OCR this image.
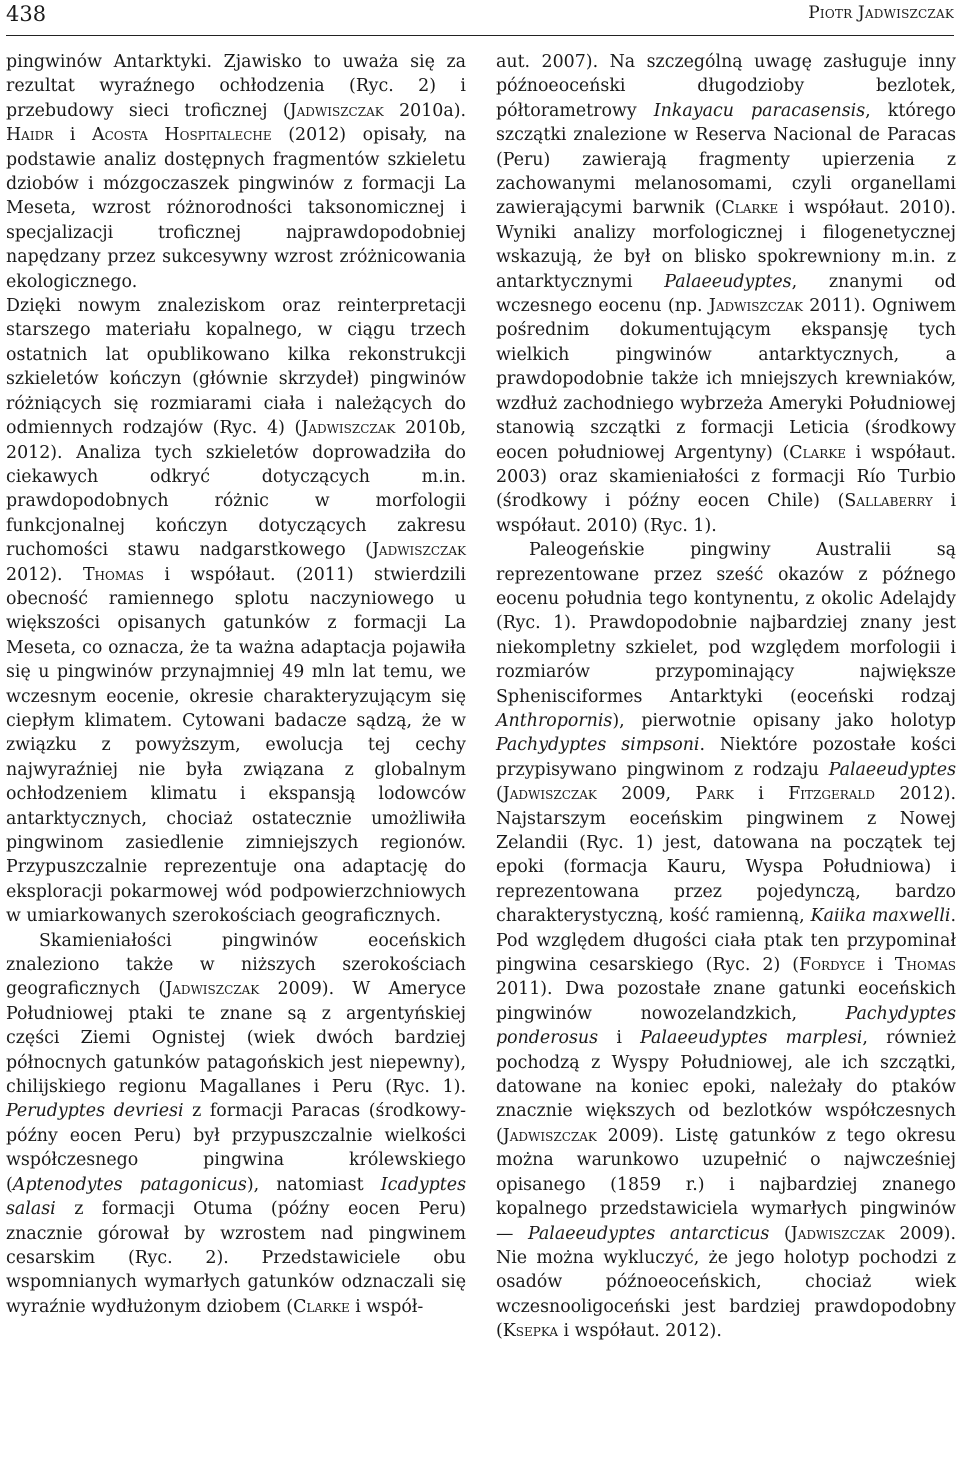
438	Piotr Jadwiszczak

pingwinów Antarktyki. Zjawisko to uważa się za rezultat wyraźnego ochłodzenia (Ryc. 2) i przebudowy sieci troficznej (Jadwiszczak 2010a). Haidr i Acosta Hospitaleche (2012) opisały, na podstawie analiz dostępnych fragmentów szkieletu dziobów i mózgoczaszek pingwinów z formacji La Meseta, wzrost różnorodności taksonomicznej i specjalizacji troficznej najprawdopodobniej napędzany przez sukcesywny wzrost zróżnicowania ekologicznego.

Dzięki nowym znaleziskom oraz reinterpretacji starszego materiału kopalnego, w ciągu trzech ostatnich lat opublikowano kilka rekonstrukcji szkieletów kończyn (głównie skrzydeł) pingwinów różniących się rozmiarami ciała i należących do odmiennych rodzajów (Ryc. 4) (Jadwiszczak 2010b, 2012). Analiza tych szkieletów doprowadziła do ciekawych odkryć dotyczących m.in. prawdopodobnych różnic w morfologii funkcjonalnej kończyn dotyczących zakresu ruchomości stawu nadgarstkowego (Jadwiszczak 2012). Thomas i współaut. (2011) stwierdzili obecność ramiennego splotu naczyniowego u większości opisanych gatunków z formacji La Meseta, co oznacza, że ta ważna adaptacja pojawiła się u pingwinów przynajmniej 49 mln lat temu, we wczesnym eocenie, okresie charakteryzującym się ciepłym klimatem. Cytowani badacze sądzą, że w związku z powyższym, ewolucja tej cechy najwyraźniej nie była związana z globalnym ochłodzeniem klimatu i ekspansją lodowców antarktycznych, chociaż ostatecznie umożliwiła pingwinom zasiedlenie zimniejszych regionów. Przypuszczalnie reprezentuje ona adaptację do eksploracji pokarmowej wód podpowierzchniowych w umiarkowanych szerokościach geograficznych.

Skamieniałości pingwinów eoceńskich znaleziono także w niższych szerokościach geograficznych (Jadwiszczak 2009). W Ameryce Południowej ptaki te znane są z argentyńskiej części Ziemi Ognistej (wiek dwóch bardziej północnych gatunków patagońskich jest niepewny), chilijskiego regionu Magallanes i Peru (Ryc. 1). Perudyptes devriesi z formacji Paracas (środkowy-późny eocen Peru) był przypuszczalnie wielkości współczesnego pingwina królewskiego (Aptenodytes patagonicus), natomiast Icadyptes salasi z formacji Otuma (późny eocen Peru) znacznie górował by wzrostem nad pingwinem cesarskim (Ryc. 2). Przedstawiciele obu wspomnianych wymarłych gatunków odznaczali się wyraźnie wydłużonym dziobem (Clarke i współ-

aut. 2007). Na szczególną uwagę zasługuje inny późnoeoceński długodzioby bezlotek, półtorametrowy Inkayacu paracasensis, którego szczątki znalezione w Reserva Nacional de Paracas (Peru) zawierają fragmenty upierzenia z zachowanymi melanosomami, czyli organellami zawierającymi barwnik (Clarke i współaut. 2010). Wyniki analizy morfologicznej i filogenetycznej wskazują, że był on blisko spokrewniony m.in. z antarktycznymi Palaeeudyptes, znanymi od wczesnego eocenu (np. Jadwiszczak 2011). Ogniwem pośrednim dokumentującym ekspansję tych wielkich pingwinów antarktycznych, a prawdopodobnie także ich mniejszych krewniaków, wzdłuż zachodniego wybrzeża Ameryki Południowej stanowią szczątki z formacji Leticia (środkowy eocen południowej Argentyny) (Clarke i współaut. 2003) oraz skamieniałości z formacji Río Turbio (środkowy i późny eocen Chile) (Sallaberry i współaut. 2010) (Ryc. 1).

Paleogeńskie pingwiny Australii są reprezentowane przez sześć okazów z późnego eocenu południa tego kontynentu, z okolic Adelajdy (Ryc. 1). Prawdopodobnie najbardziej znany jest niekompletny szkielet, pod względem morfologii i rozmiarów przypominający największe Sphenisciformes Antarktyki (eoceński rodzaj Anthropornis), pierwotnie opisany jako holotyp Pachydyptes simpsoni. Niektóre pozostałe kości przypisywano pingwinom z rodzaju Palaeeudyptes (Jadwiszczak 2009, Park i Fitzgerald 2012). Najstarszym eoceńskim pingwinem z Nowej Zelandii (Ryc. 1) jest, datowana na początek tej epoki (formacja Kauru, Wyspa Południowa) i reprezentowana przez pojedynczą, bardzo charakterystyczną, kość ramienną, Kaiika maxwelli. Pod względem długości ciała ptak ten przypominał pingwina cesarskiego (Ryc. 2) (Fordyce i Thomas 2011). Dwa pozostałe znane gatunki eoceńskich pingwinów nowozelandzkich, Pachydyptes ponderosus i Palaeeudyptes marplesi, również pochodzą z Wyspy Południowej, ale ich szczątki, datowane na koniec epoki, należały do ptaków znacznie większych od bezlotków współczesnych (Jadwiszczak 2009). Listę gatunków z tego okresu można warunkowo uzupełnić o najwcześniej opisanego (1859 r.) i najbardziej znanego kopalnego przedstawiciela wymarłych pingwinów — Palaeeudyptes antarcticus (Jadwiszczak 2009). Nie można wykluczyć, że jego holotyp pochodzi z osadów późnoeoceńskich, chociaż wiek wczesnooligoceński jest bardziej prawdopodobny (Ksepka i współaut. 2012).
